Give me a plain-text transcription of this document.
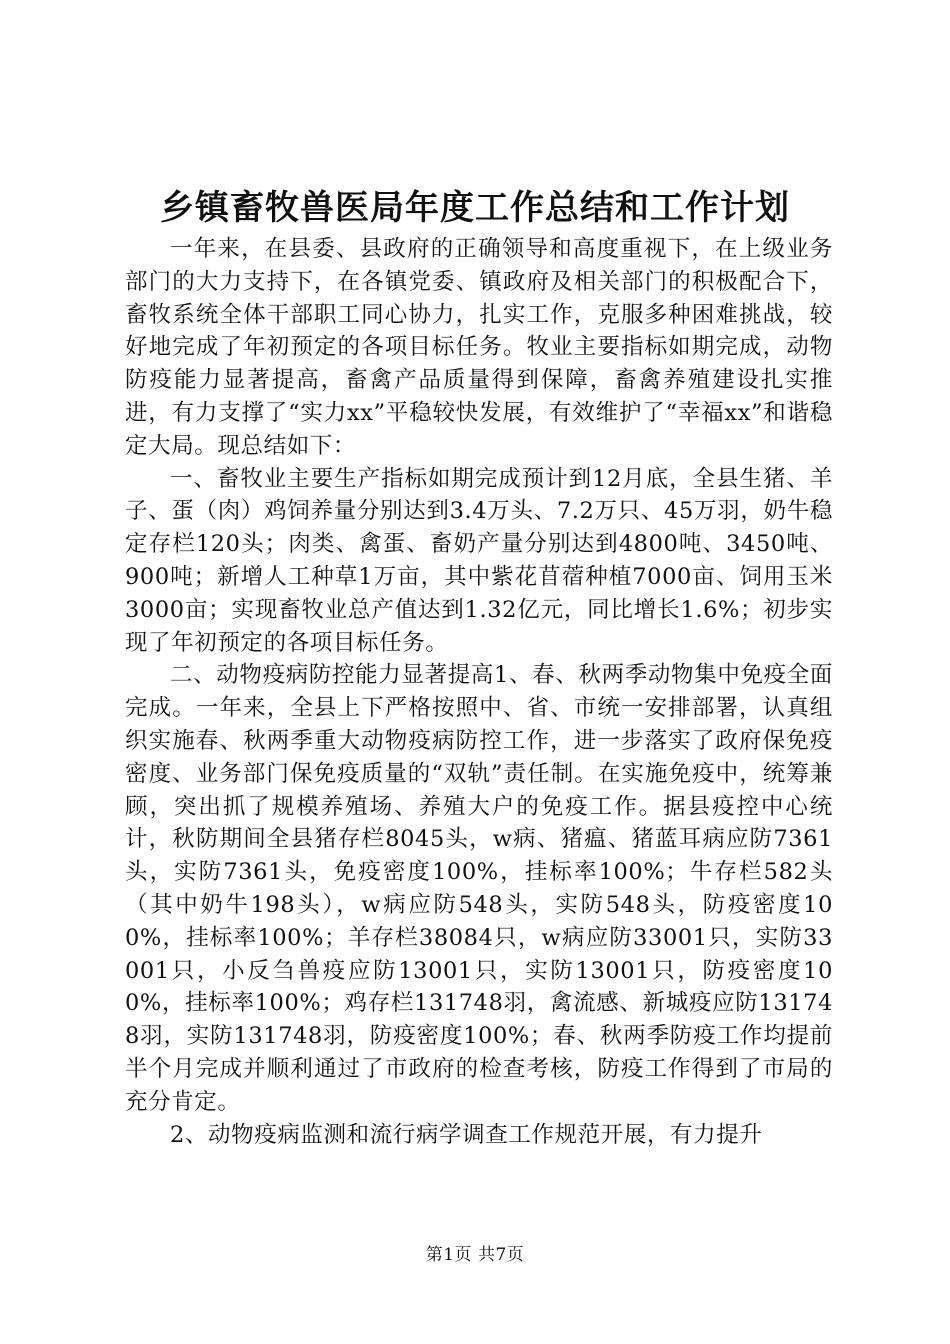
乡镇畜牧兽医局年度工作总结和工作计划

一年来，在县委、县政府的正确领导和高度重视下，在上级业务部门的大力支持下，在各镇党委、镇政府及相关部门的积极配合下，畜牧系统全体干部职工同心协力，扎实工作，克服多种困难挑战，较好地完成了年初预定的各项目标任务。牧业主要指标如期完成，动物防疫能力显著提高，畜禽产品质量得到保障，畜禽养殖建设扎实推进，有力支撑了“实力xx”平稳较快发展，有效维护了“幸福xx”和谐稳定大局。现总结如下：

一、畜牧业主要生产指标如期完成预计到12月底，全县生猪、羊子、蛋（肉）鸡饲养量分别达到3.4万头、7.2万只、45万羽，奶牛稳定存栏120头；肉类、禽蛋、畜奶产量分别达到4800吨、3450吨、900吨；新增人工种草1万亩，其中紫花苜蓿种植7000亩、饲用玉米3000亩；实现畜牧业总产值达到1.32亿元，同比增长1.6%；初步实现了年初预定的各项目标任务。

二、动物疫病防控能力显著提高1、春、秋两季动物集中免疫全面完成。一年来，全县上下严格按照中、省、市统一安排部署，认真组织实施春、秋两季重大动物疫病防控工作，进一步落实了政府保免疫密度、业务部门保免疫质量的“双轨”责任制。在实施免疫中，统筹兼顾，突出抓了规模养殖场、养殖大户的免疫工作。据县疫控中心统计，秋防期间全县猪存栏8045头，w病、猪瘟、猪蓝耳病应防7361头，实防7361头，免疫密度100%，挂标率100%；牛存栏582头（其中奶牛198头），w病应防548头，实防548头，防疫密度100%，挂标率100%；羊存栏38084只，w病应防33001只，实防33001只，小反刍兽疫应防13001只，实防13001只，防疫密度100%，挂标率100%；鸡存栏131748羽，禽流感、新城疫应防131748羽，实防131748羽，防疫密度100%；春、秋两季防疫工作均提前半个月完成并顺利通过了市政府的检查考核，防疫工作得到了市局的充分肯定。

2、动物疫病监测和流行病学调查工作规范开展，有力提升

第1页 共7页
